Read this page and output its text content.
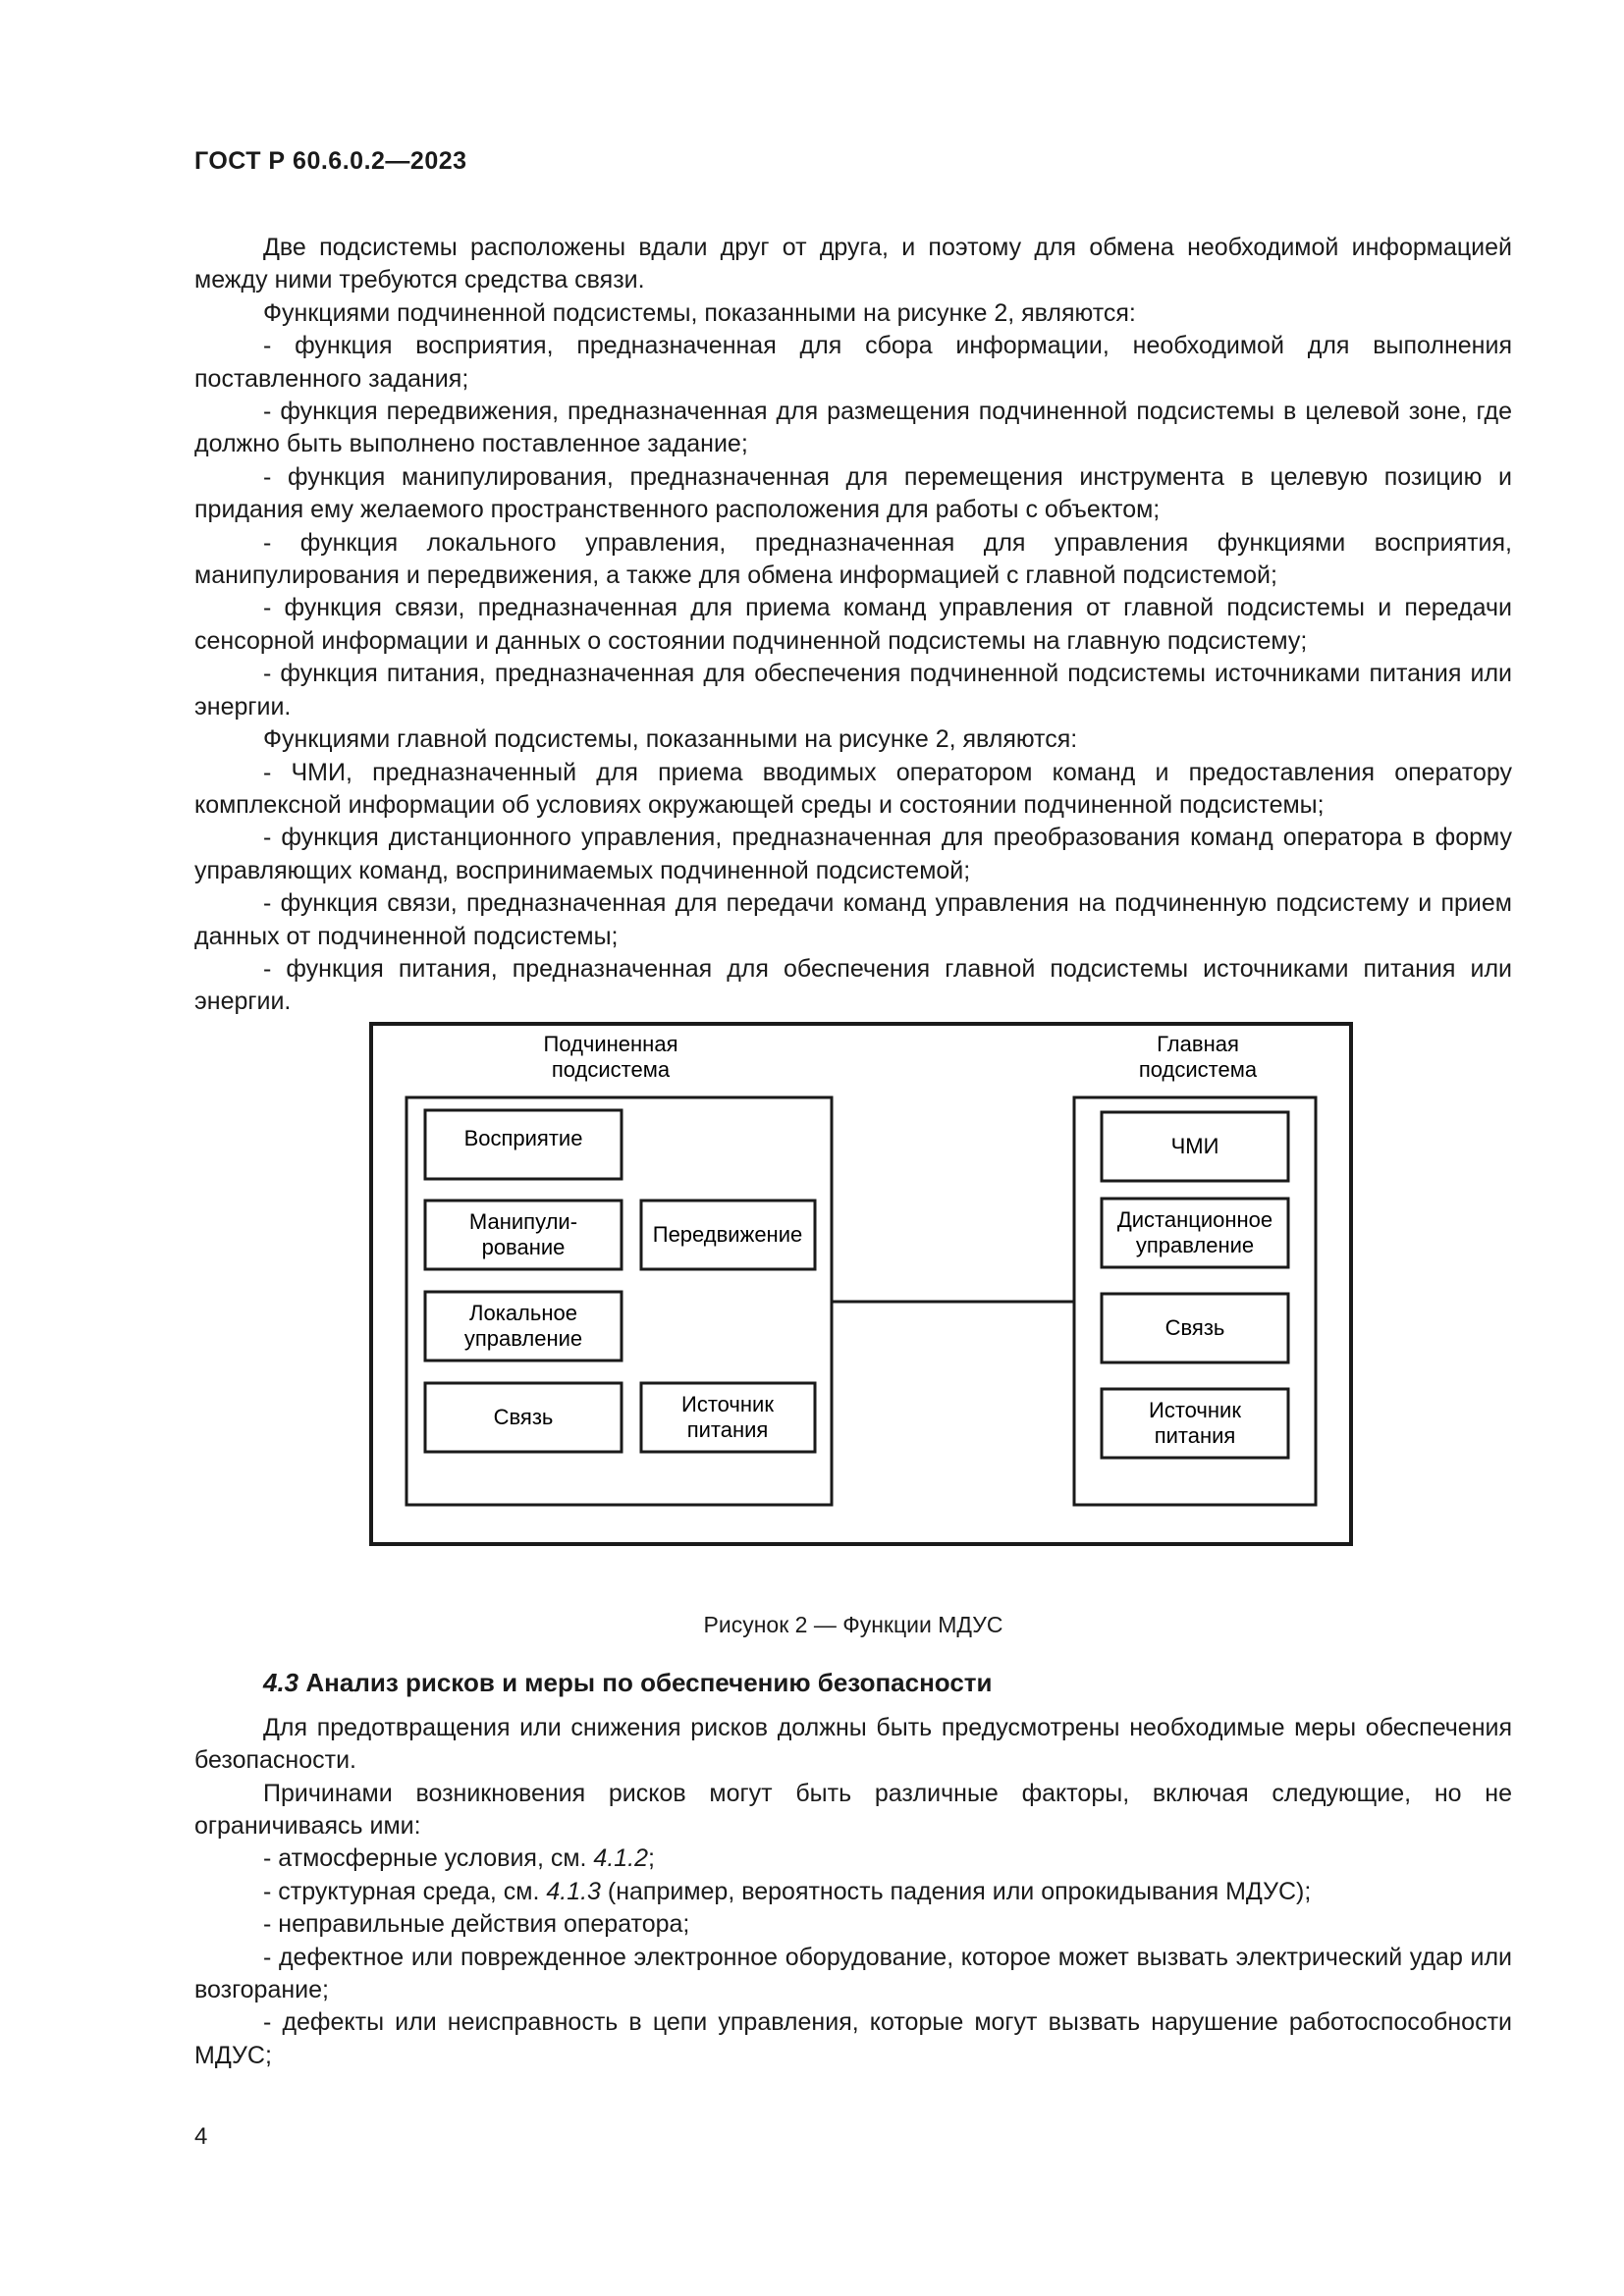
ГОСТ Р 60.6.0.2—2023

Две подсистемы расположены вдали друг от друга, и поэтому для обмена необходимой информацией между ними требуются средства связи.

Функциями подчиненной подсистемы, показанными на рисунке 2, являются:

- функция восприятия, предназначенная для сбора информации, необходимой для выполнения поставленного задания;

- функция передвижения, предназначенная для размещения подчиненной подсистемы в целевой зоне, где должно быть выполнено поставленное задание;

- функция манипулирования, предназначенная для перемещения инструмента в целевую позицию и придания ему желаемого пространственного расположения для работы с объектом;

- функция локального управления, предназначенная для управления функциями восприятия, манипулирования и передвижения, а также для обмена информацией с главной подсистемой;

- функция связи, предназначенная для приема команд управления от главной подсистемы и передачи сенсорной информации и данных о состоянии подчиненной подсистемы на главную подсистему;

- функция питания, предназначенная для обеспечения подчиненной подсистемы источниками питания или энергии.

Функциями главной подсистемы, показанными на рисунке 2, являются:

- ЧМИ, предназначенный для приема вводимых оператором команд и предоставления оператору комплексной информации об условиях окружающей среды и состоянии подчиненной подсистемы;

- функция дистанционного управления, предназначенная для преобразования команд оператора в форму управляющих команд, воспринимаемых подчиненной подсистемой;

- функция связи, предназначенная для передачи команд управления на подчиненную подсистему и прием данных от подчиненной подсистемы;

- функция питания, предназначенная для обеспечения главной подсистемы источниками питания или энергии.

Подчиненная
подсистема
Главная
подсистема
Восприятие
Манипули-
рование
Передвижение
Локальное
управление
Связь
Источник
питания
ЧМИ
Дистанционное
управление
Связь
Источник
питания
Рисунок 2 — Функции МДУС
4.3 Анализ рисков и меры по обеспечению безопасности

Для предотвращения или снижения рисков должны быть предусмотрены необходимые меры обеспечения безопасности.

Причинами возникновения рисков могут быть различные факторы, включая следующие, но не ограничиваясь ими:

- атмосферные условия, см. 4.1.2;

- структурная среда, см. 4.1.3 (например, вероятность падения или опрокидывания МДУС);

- неправильные действия оператора;

- дефектное или поврежденное электронное оборудование, которое может вызвать электрический удар или возгорание;

- дефекты или неисправность в цепи управления, которые могут вызвать нарушение работоспособности МДУС;

4
